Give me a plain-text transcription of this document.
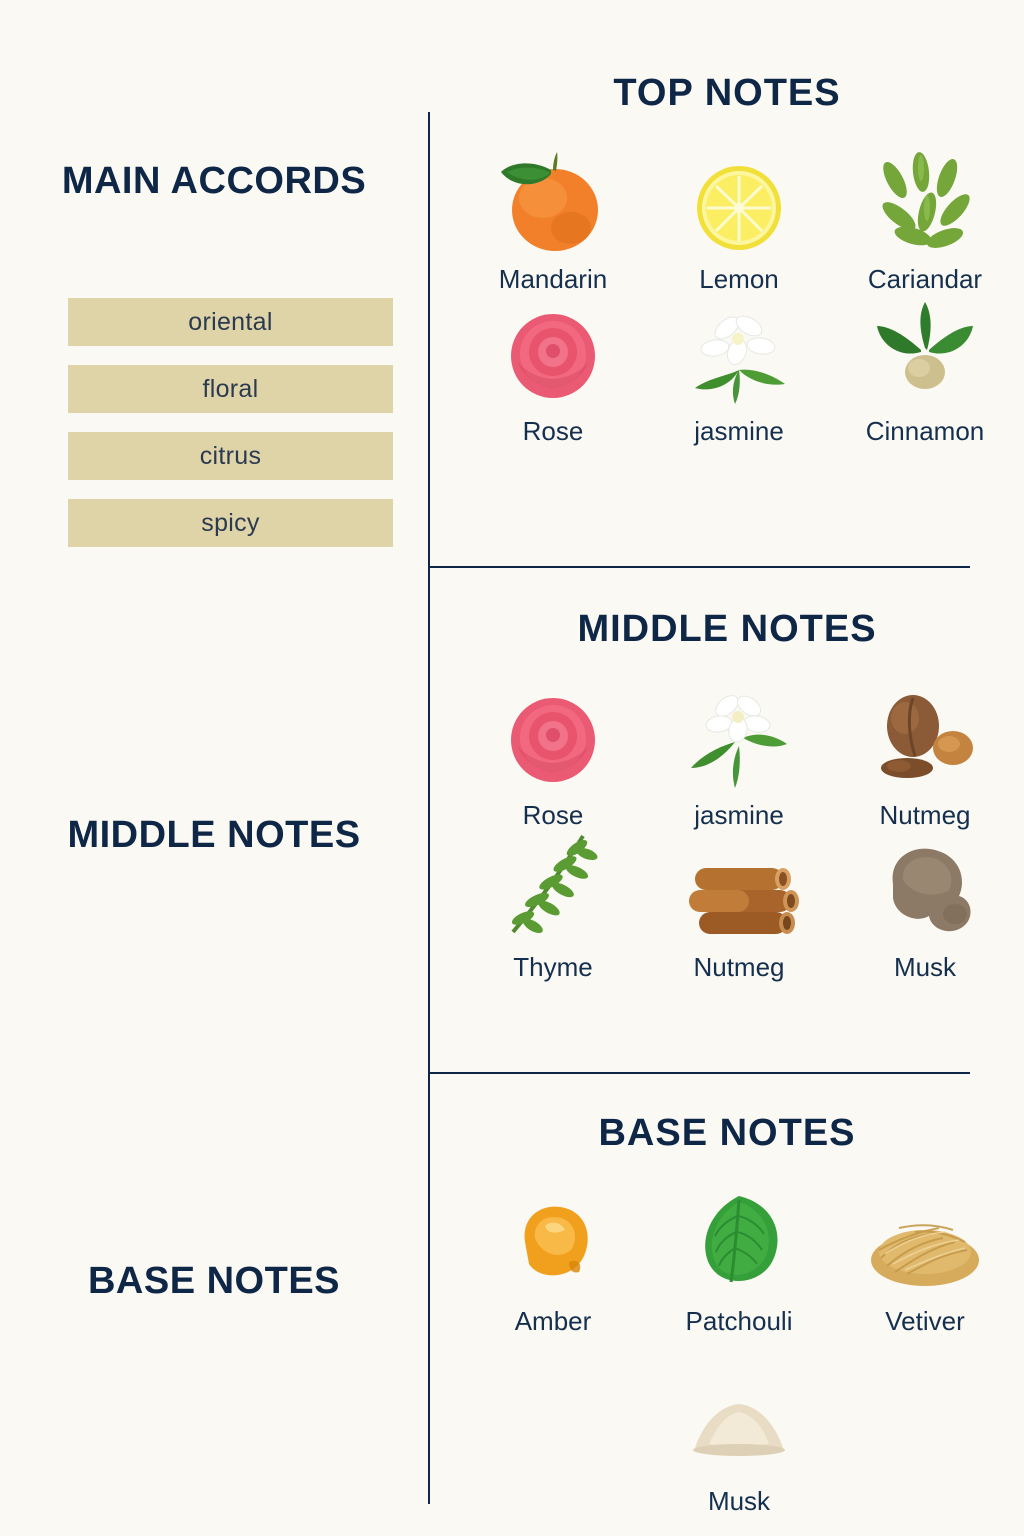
MAIN ACCORDS
oriental
floral
citrus
spicy
MIDDLE NOTES
BASE NOTES
TOP NOTES
Mandarin	Lemon	Cariandar
Rose	jasmine	Cinnamon
MIDDLE NOTES
Rose	jasmine	Nutmeg
Thyme	Nutmeg	Musk
BASE NOTES
Amber	Patchouli	Vetiver
Musk
